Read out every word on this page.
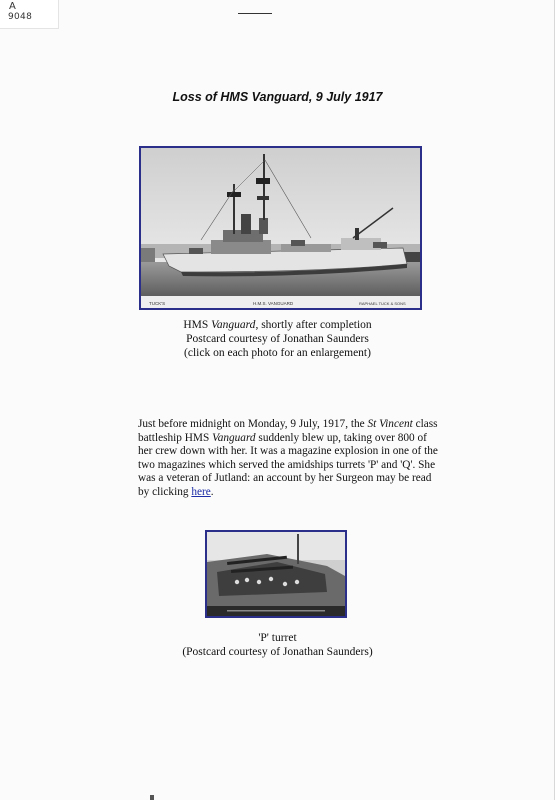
A
9048
Loss of HMS Vanguard, 9 July 1917
TUCK'S	H.M.S. VANGUARD	RAPHAEL TUCK & SONS
HMS Vanguard, shortly after completion
Postcard courtesy of Jonathan Saunders
(click on each photo for an enlargement)
Just before midnight on Monday, 9 July, 1917, the St Vincent class battleship HMS Vanguard suddenly blew up, taking over 800 of her crew down with her. It was a magazine explosion in one of the two magazines which served the amidships turrets 'P' and 'Q'. She was a veteran of Jutland: an account by her Surgeon may be read by clicking here.
'P' turret
(Postcard courtesy of Jonathan Saunders)
